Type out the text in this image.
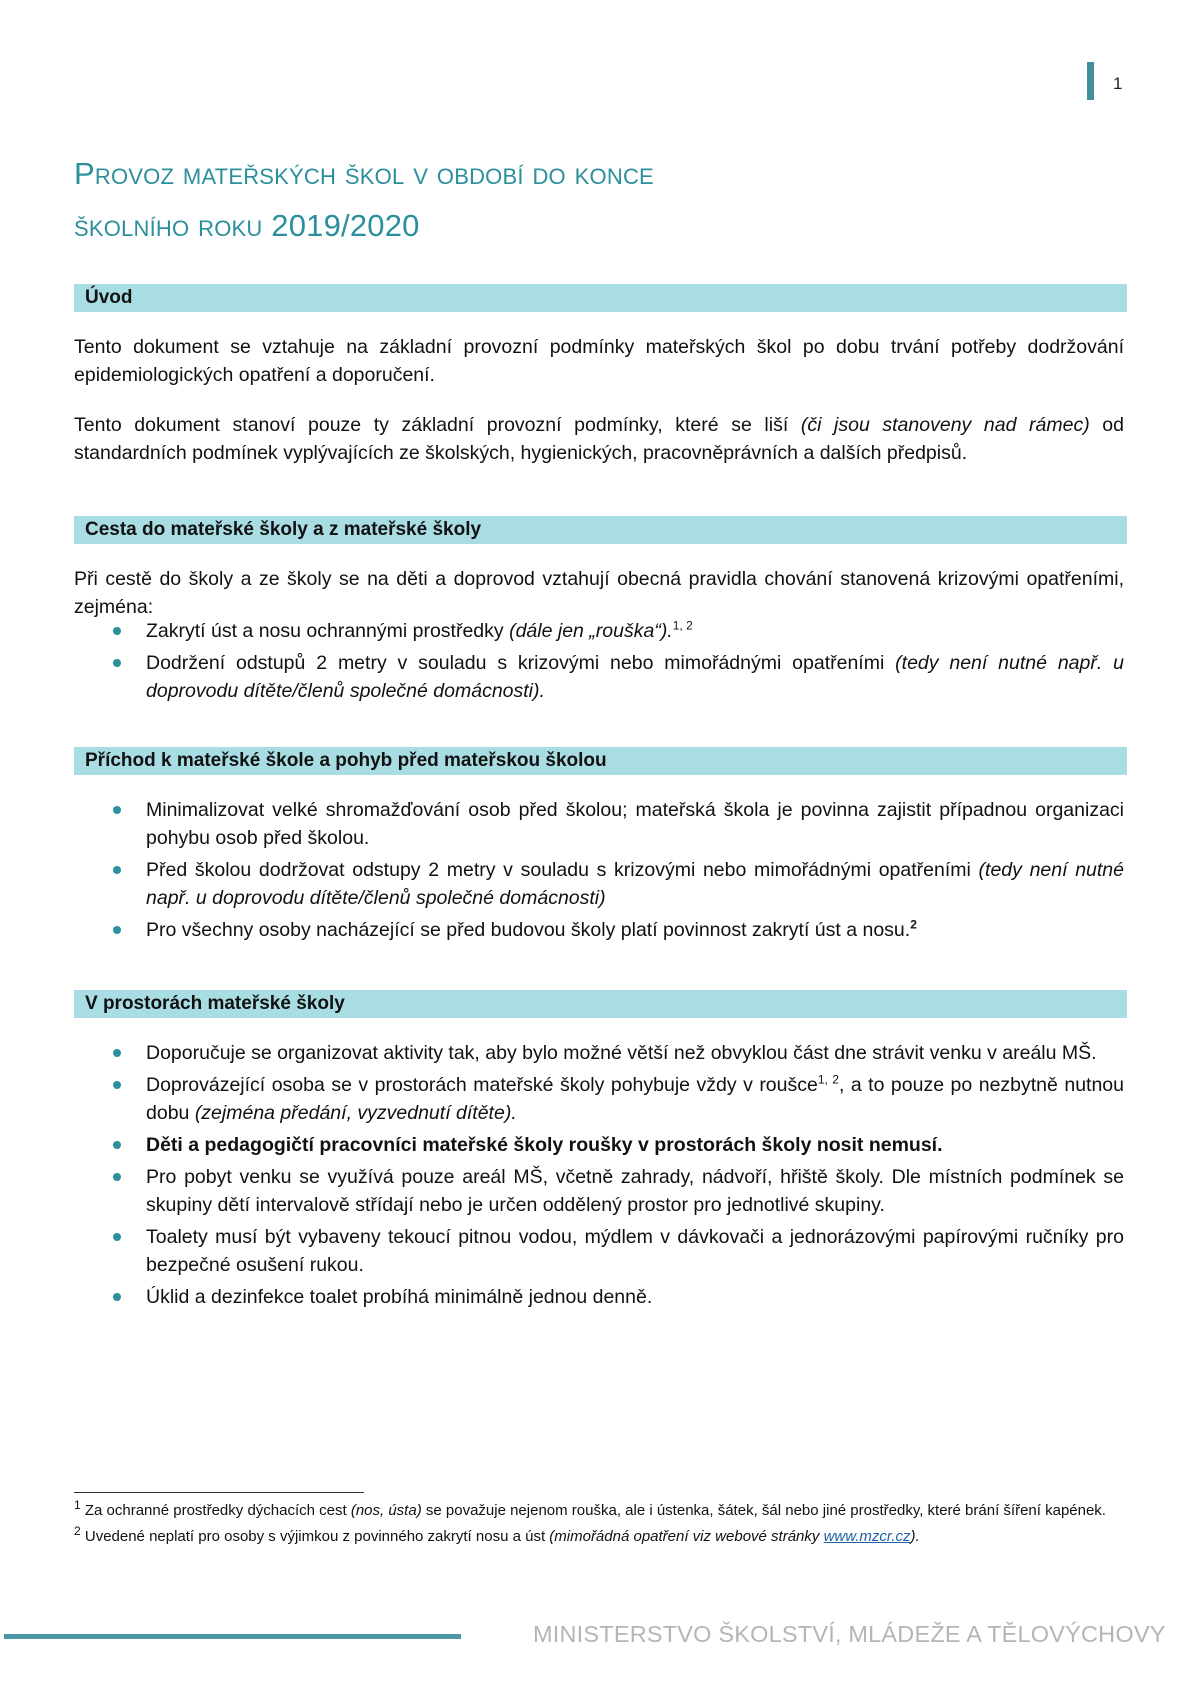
1
Provoz mateřských škol v období do konce
školního roku 2019/2020
Úvod

Tento dokument se vztahuje na základní provozní podmínky mateřských škol po dobu trvání potřeby dodržování epidemiologických opatření a doporučení.

Tento dokument stanoví pouze ty základní provozní podmínky, které se liší (či jsou stanoveny nad rámec) od standardních podmínek vyplývajících ze školských, hygienických, pracovněprávních a dalších předpisů.

Cesta do mateřské školy a z mateřské školy

Při cestě do školy a ze školy se na děti a doprovod vztahují obecná pravidla chování stanovená krizovými opatřeními, zejména:

Zakrytí úst a nosu ochrannými prostředky (dále jen „rouška“).$^{1, 2}$
Dodržení odstupů 2 metry v souladu s krizovými nebo mimořádnými opatřeními (tedy není nutné např. u doprovodu dítěte/členů společné domácnosti).
Příchod k mateřské škole a pohyb před mateřskou školou
Minimalizovat velké shromažďování osob před školou; mateřská škola je povinna zajistit případnou organizaci pohybu osob před školou.
Před školou dodržovat odstupy 2 metry v souladu s krizovými nebo mimořádnými opatřeními (tedy není nutné např. u doprovodu dítěte/členů společné domácnosti)
Pro všechny osoby nacházející se před budovou školy platí povinnost zakrytí úst a nosu.$^2$
V prostorách mateřské školy
Doporučuje se organizovat aktivity tak, aby bylo možné větší než obvyklou část dne strávit venku v areálu MŠ.
Doprovázející osoba se v prostorách mateřské školy pohybuje vždy v roušce$^{1, 2}$, a to pouze po nezbytně nutnou dobu (zejména předání, vyzvednutí dítěte).
Děti a pedagogičtí pracovníci mateřské školy roušky v prostorách školy nosit nemusí.
Pro pobyt venku se využívá pouze areál MŠ, včetně zahrady, nádvoří, hřiště školy. Dle místních podmínek se skupiny dětí intervalově střídají nebo je určen oddělený prostor pro jednotlivé skupiny.
Toalety musí být vybaveny tekoucí pitnou vodou, mýdlem v dávkovači a jednorázovými papírovými ručníky pro bezpečné osušení rukou.
Úklid a dezinfekce toalet probíhá minimálně jednou denně.

$^1$ Za ochranné prostředky dýchacích cest (nos, ústa) se považuje nejenom rouška, ale i ústenka, šátek, šál nebo jiné prostředky, které brání šíření kapének.

$^2$ Uvedené neplatí pro osoby s výjimkou z povinného zakrytí nosu a úst (mimořádná opatření viz webové stránky www.mzcr.cz).

MINISTERSTVO ŠKOLSTVÍ, MLÁDEŽE A TĚLOVÝCHOVY
